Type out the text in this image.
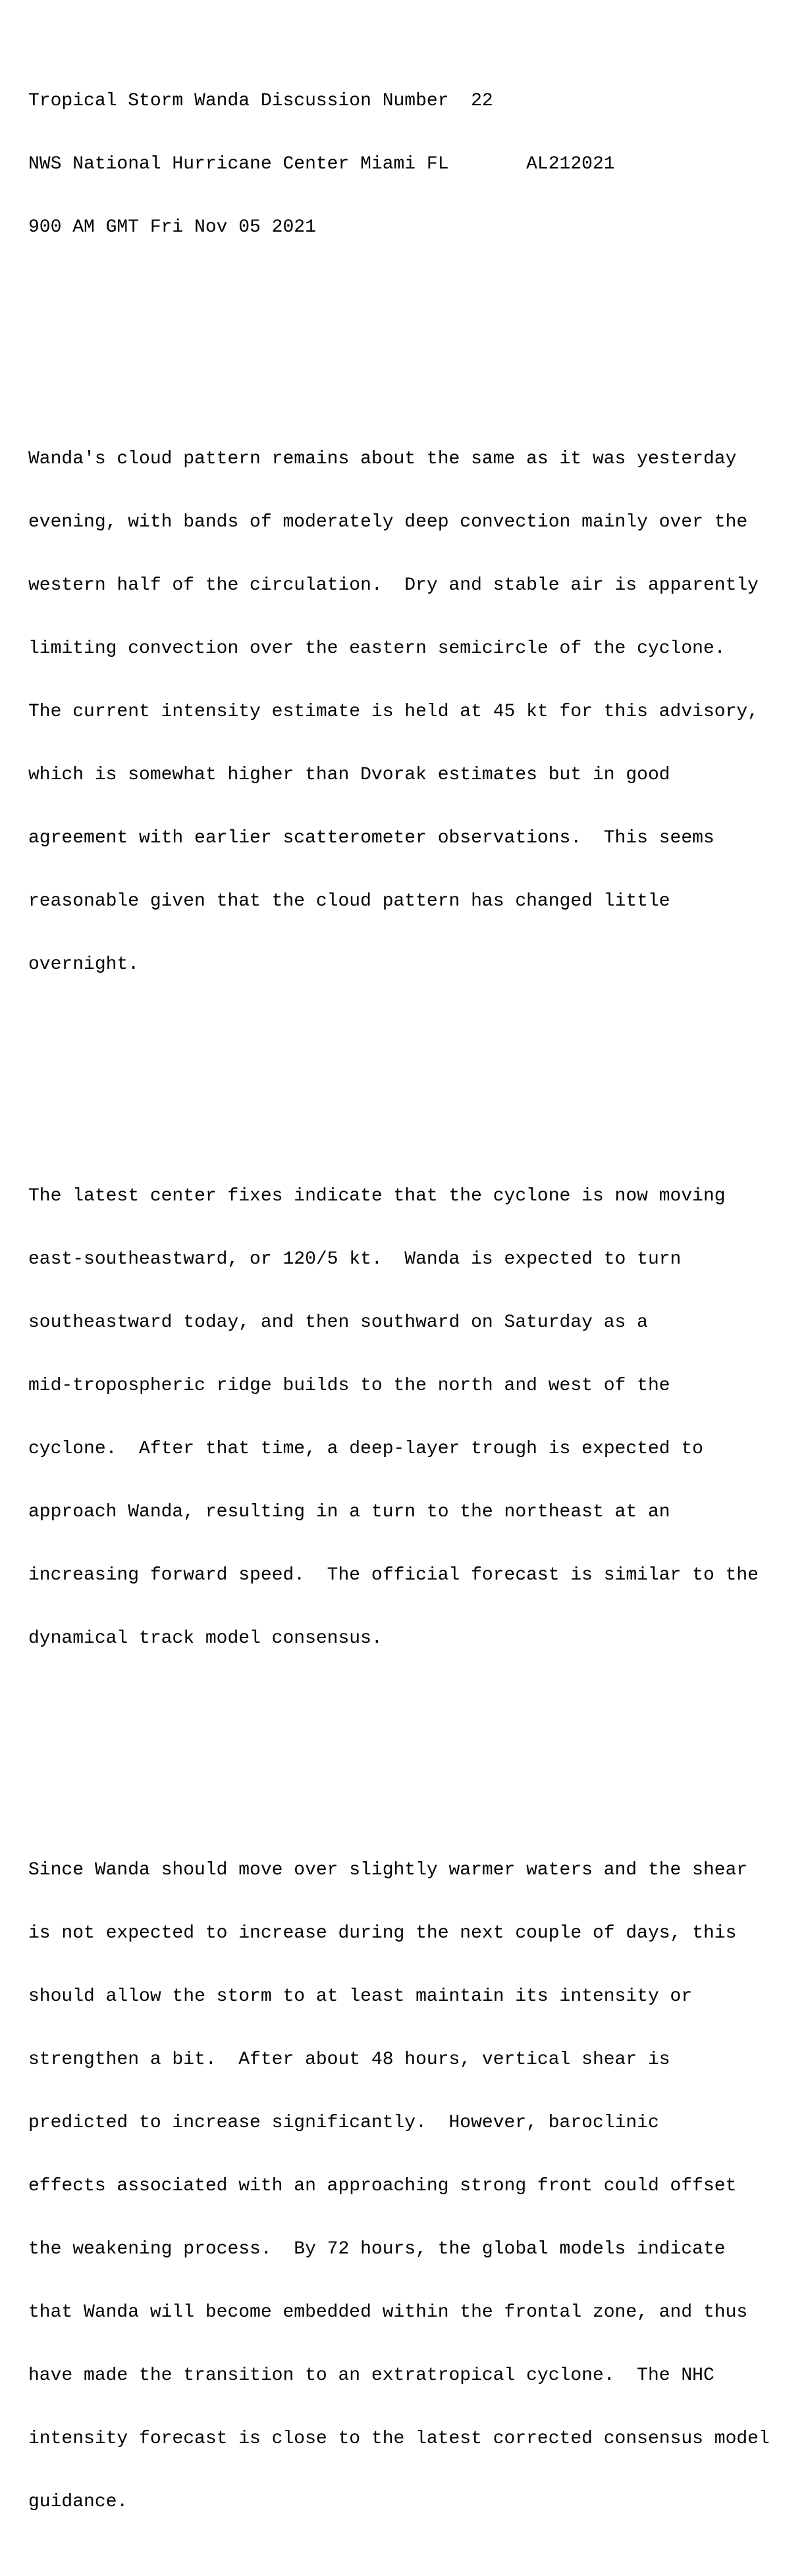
Tropical Storm Wanda Discussion Number  22

NWS National Hurricane Center Miami FL       AL212021

900 AM GMT Fri Nov 05 2021

Wanda's cloud pattern remains about the same as it was yesterday

evening, with bands of moderately deep convection mainly over the

western half of the circulation.  Dry and stable air is apparently

limiting convection over the eastern semicircle of the cyclone.

The current intensity estimate is held at 45 kt for this advisory,

which is somewhat higher than Dvorak estimates but in good

agreement with earlier scatterometer observations.  This seems

reasonable given that the cloud pattern has changed little

overnight.

The latest center fixes indicate that the cyclone is now moving

east-southeastward, or 120/5 kt.  Wanda is expected to turn

southeastward today, and then southward on Saturday as a

mid-tropospheric ridge builds to the north and west of the

cyclone.  After that time, a deep-layer trough is expected to

approach Wanda, resulting in a turn to the northeast at an

increasing forward speed.  The official forecast is similar to the

dynamical track model consensus.

Since Wanda should move over slightly warmer waters and the shear

is not expected to increase during the next couple of days, this

should allow the storm to at least maintain its intensity or

strengthen a bit.  After about 48 hours, vertical shear is

predicted to increase significantly.  However, baroclinic

effects associated with an approaching strong front could offset

the weakening process.  By 72 hours, the global models indicate

that Wanda will become embedded within the frontal zone, and thus

have made the transition to an extratropical cyclone.  The NHC

intensity forecast is close to the latest corrected consensus model

guidance.
